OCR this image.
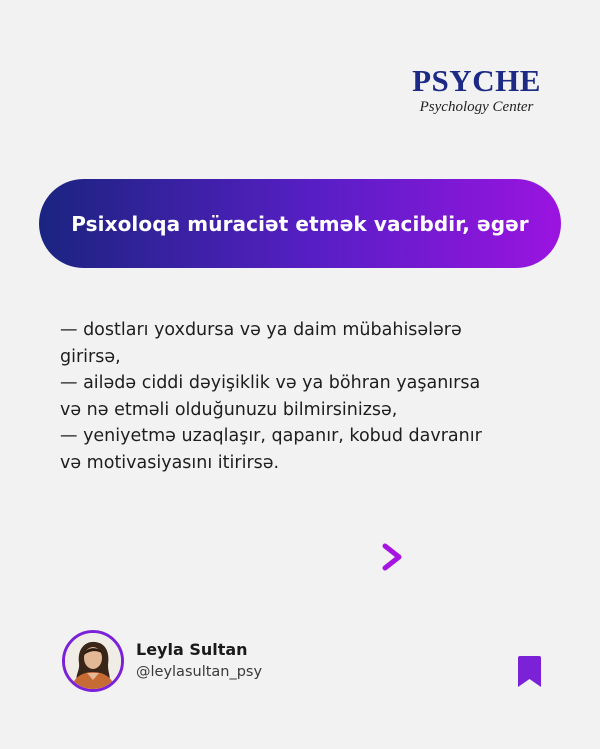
PSYCHE
Psychology Center
Psixoloqa müraciət etmək vacibdir, əgər
— dostları yoxdursa və ya daim mübahisələrə
girirsə,
— ailədə ciddi dəyişiklik və ya böhran yaşanırsa
və nə etməli olduğunuzu bilmirsinizsə,
— yeniyetmə uzaqlaşır, qapanır, kobud davranır
və motivasiyasını itirirsə.
Leyla Sultan
@leylasultan_psy
